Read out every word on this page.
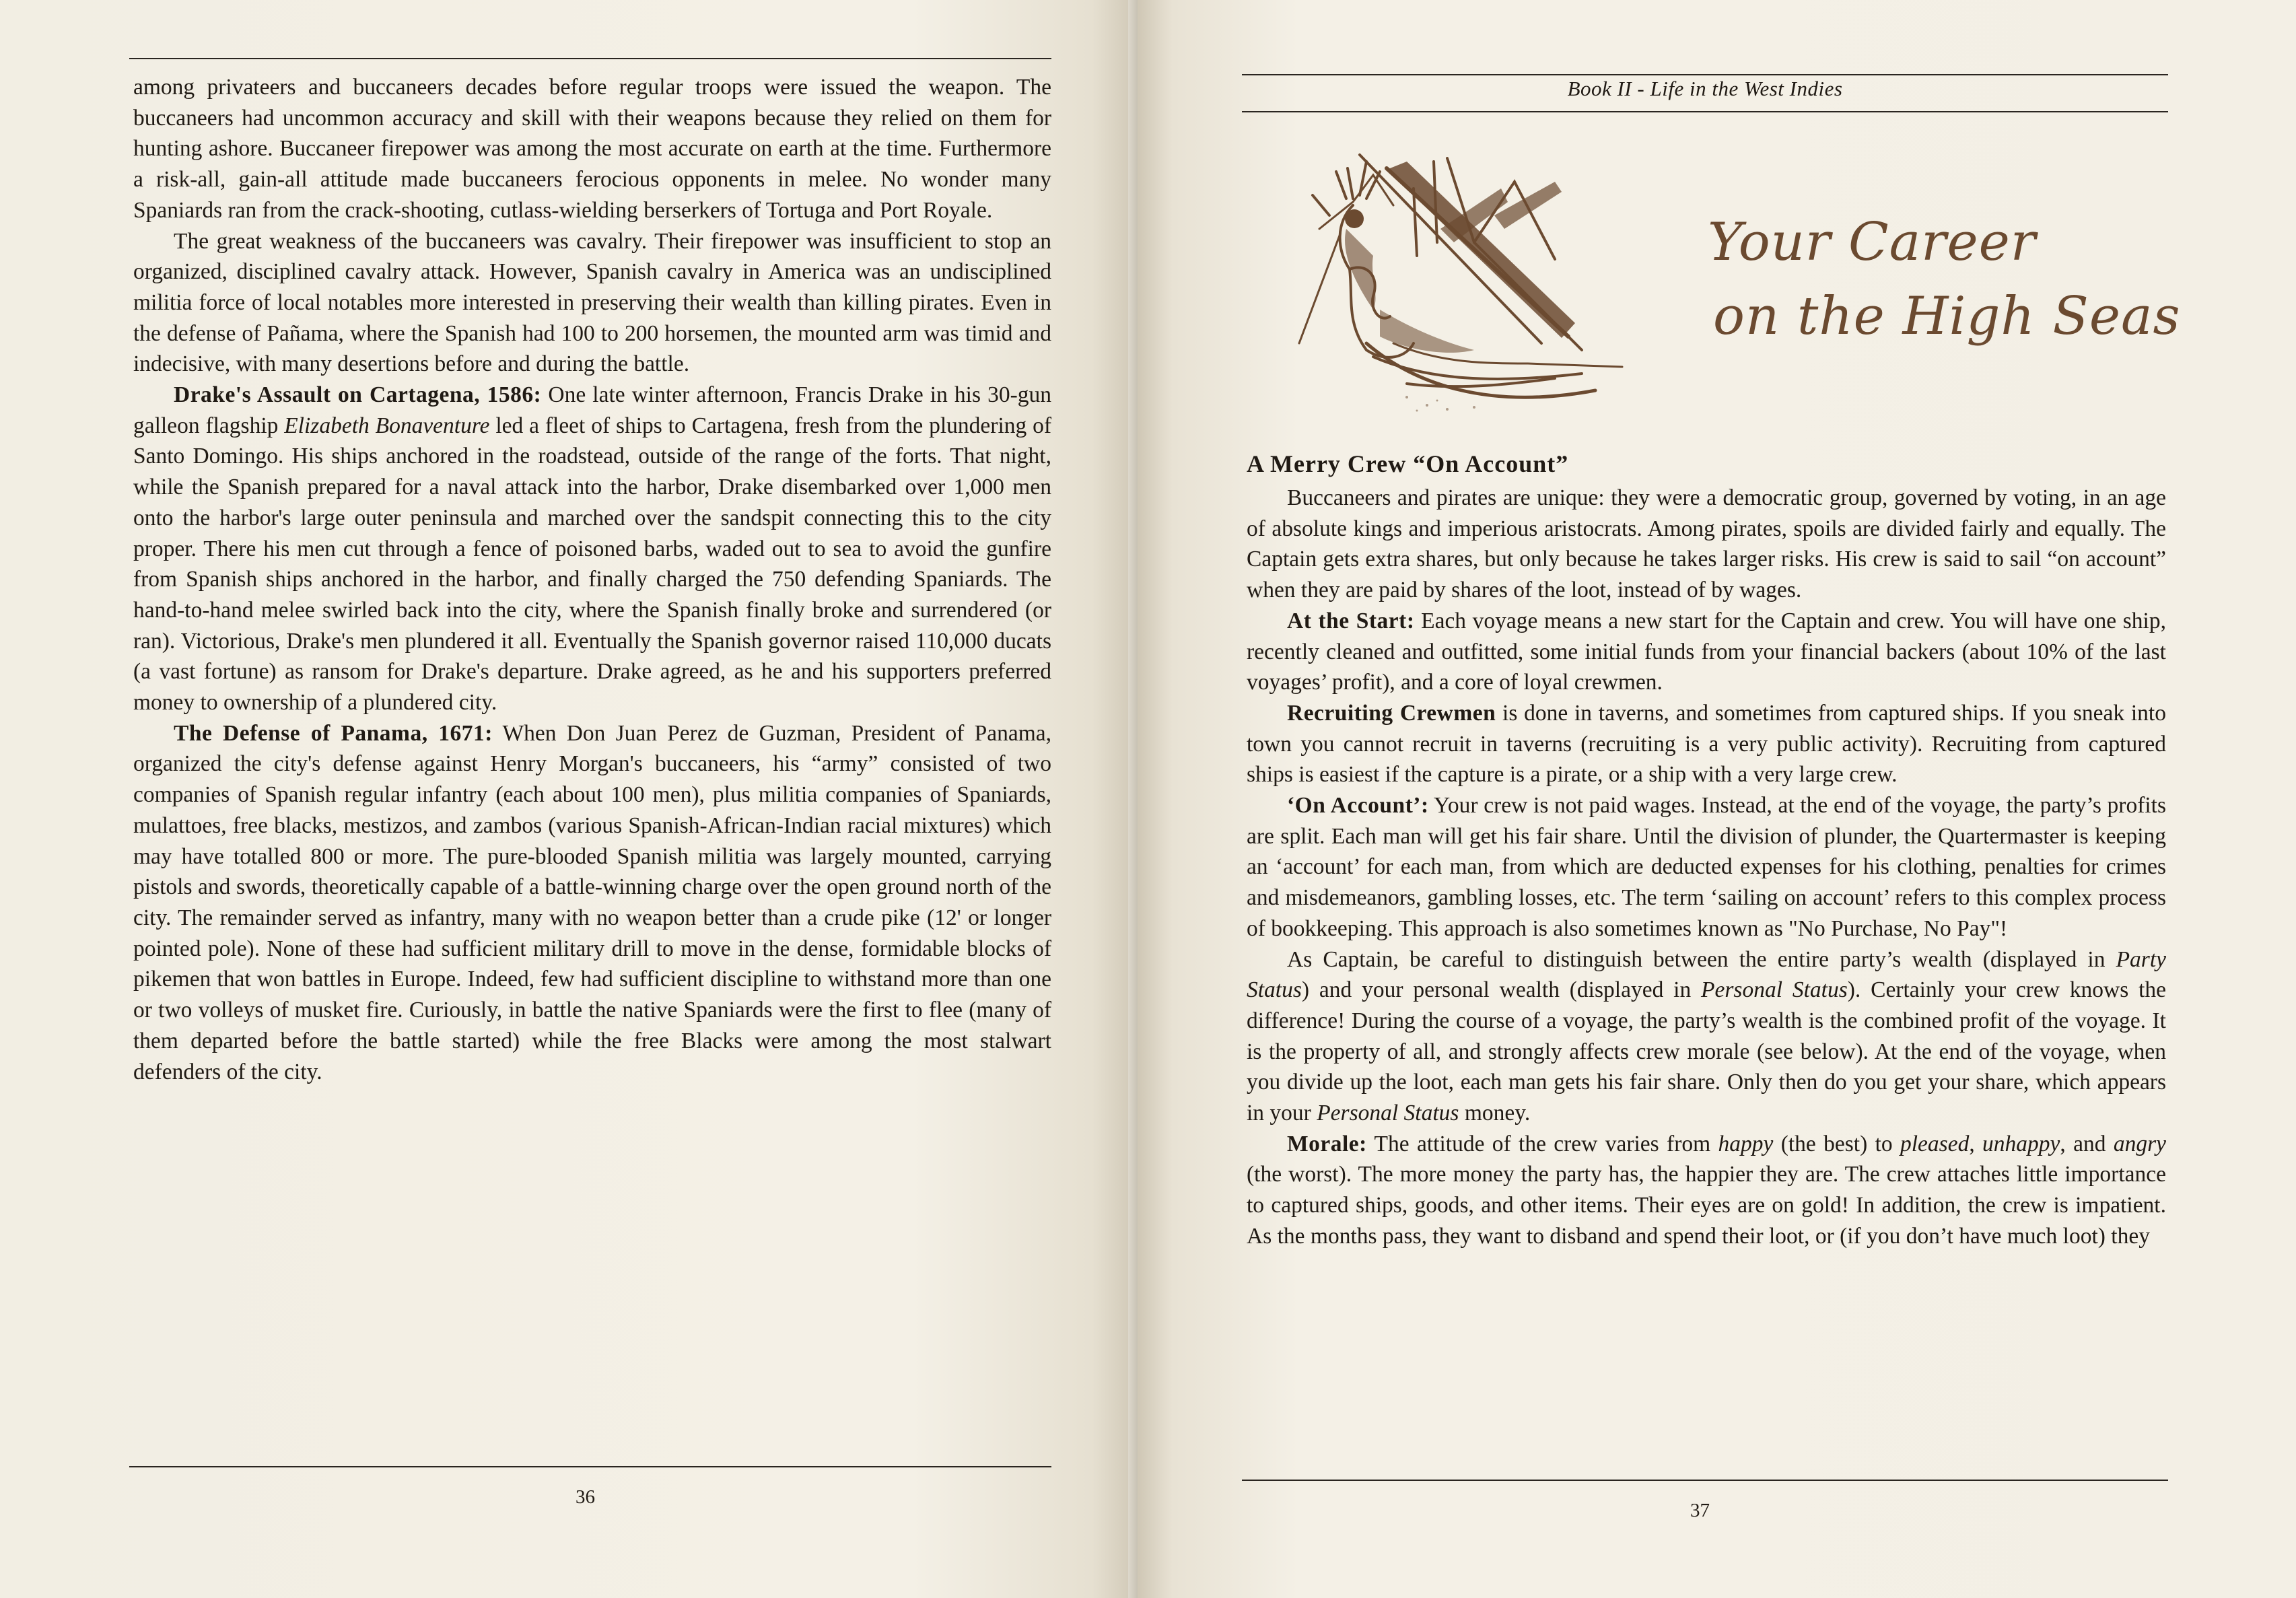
among privateers and buccaneers decades before regular troops were issued the weapon. The buccaneers had uncommon accuracy and skill with their weapons because they relied on them for hunting ashore. Buccaneer firepower was among the most accurate on earth at the time. Furthermore a risk-all, gain-all attitude made buccaneers ferocious opponents in melee. No wonder many Spaniards ran from the crack-shooting, cutlass-wielding berserkers of Tortuga and Port Royale.

The great weakness of the buccaneers was cavalry. Their firepower was insufficient to stop an organized, disciplined cavalry attack. However, Spanish cavalry in America was an undisciplined militia force of local notables more interested in preserving their wealth than killing pirates. Even in the defense of Pañama, where the Spanish had 100 to 200 horsemen, the mounted arm was timid and indecisive, with many desertions before and during the battle.

Drake's Assault on Cartagena, 1586: One late winter afternoon, Francis Drake in his 30-gun galleon flagship Elizabeth Bonaventure led a fleet of ships to Cartagena, fresh from the plundering of Santo Domingo. His ships anchored in the roadstead, outside of the range of the forts. That night, while the Spanish prepared for a naval attack into the harbor, Drake disembarked over 1,000 men onto the harbor's large outer peninsula and marched over the sandspit connecting this to the city proper. There his men cut through a fence of poisoned barbs, waded out to sea to avoid the gunfire from Spanish ships anchored in the harbor, and finally charged the 750 defending Spaniards. The hand-to-hand melee swirled back into the city, where the Spanish finally broke and surrendered (or ran). Victorious, Drake's men plundered it all. Eventually the Spanish governor raised 110,000 ducats (a vast fortune) as ransom for Drake's departure. Drake agreed, as he and his supporters preferred money to ownership of a plundered city.

The Defense of Panama, 1671: When Don Juan Perez de Guzman, President of Panama, organized the city's defense against Henry Morgan's buccaneers, his “army” consisted of two companies of Spanish regular infantry (each about 100 men), plus militia companies of Spaniards, mulattoes, free blacks, mestizos, and zambos (various Spanish-African-Indian racial mixtures) which may have totalled 800 or more. The pure-blooded Spanish militia was largely mounted, carrying pistols and swords, theoretically capable of a battle-winning charge over the open ground north of the city. The remainder served as infantry, many with no weapon better than a crude pike (12' or longer pointed pole). None of these had sufficient military drill to move in the dense, formidable blocks of pikemen that won battles in Europe. Indeed, few had sufficient discipline to withstand more than one or two volleys of musket fire. Curiously, in battle the native Spaniards were the first to flee (many of them departed before the battle started) while the free Blacks were among the most stalwart defenders of the city.

36
Book II - Life in the West Indies
Your Career
on the High Seas
A Merry Crew “On Account”

Buccaneers and pirates are unique: they were a democratic group, governed by voting, in an age of absolute kings and imperious aristocrats. Among pirates, spoils are divided fairly and equally. The Captain gets extra shares, but only because he takes larger risks. His crew is said to sail “on account” when they are paid by shares of the loot, instead of by wages.

At the Start: Each voyage means a new start for the Captain and crew. You will have one ship, recently cleaned and outfitted, some initial funds from your financial backers (about 10% of the last voyages’ profit), and a core of loyal crewmen.

Recruiting Crewmen is done in taverns, and sometimes from captured ships. If you sneak into town you cannot recruit in taverns (recruiting is a very public activity). Recruiting from captured ships is easiest if the capture is a pirate, or a ship with a very large crew.

‘On Account’: Your crew is not paid wages. Instead, at the end of the voyage, the party’s profits are split. Each man will get his fair share. Until the division of plunder, the Quartermaster is keeping an ‘account’ for each man, from which are deducted expenses for his clothing, penalties for crimes and misdemeanors, gambling losses, etc. The term ‘sailing on account’ refers to this complex process of bookkeeping. This approach is also sometimes known as "No Purchase, No Pay"!

As Captain, be careful to distinguish between the entire party’s wealth (displayed in Party Status) and your personal wealth (displayed in Personal Status). Certainly your crew knows the difference! During the course of a voyage, the party’s wealth is the combined profit of the voyage. It is the property of all, and strongly affects crew morale (see below). At the end of the voyage, when you divide up the loot, each man gets his fair share. Only then do you get your share, which appears in your Personal Status money.

Morale: The attitude of the crew varies from happy (the best) to pleased, unhappy, and angry (the worst). The more money the party has, the happier they are. The crew attaches little importance to captured ships, goods, and other items. Their eyes are on gold! In addition, the crew is impatient. As the months pass, they want to disband and spend their loot, or (if you don’t have much loot) they

37
